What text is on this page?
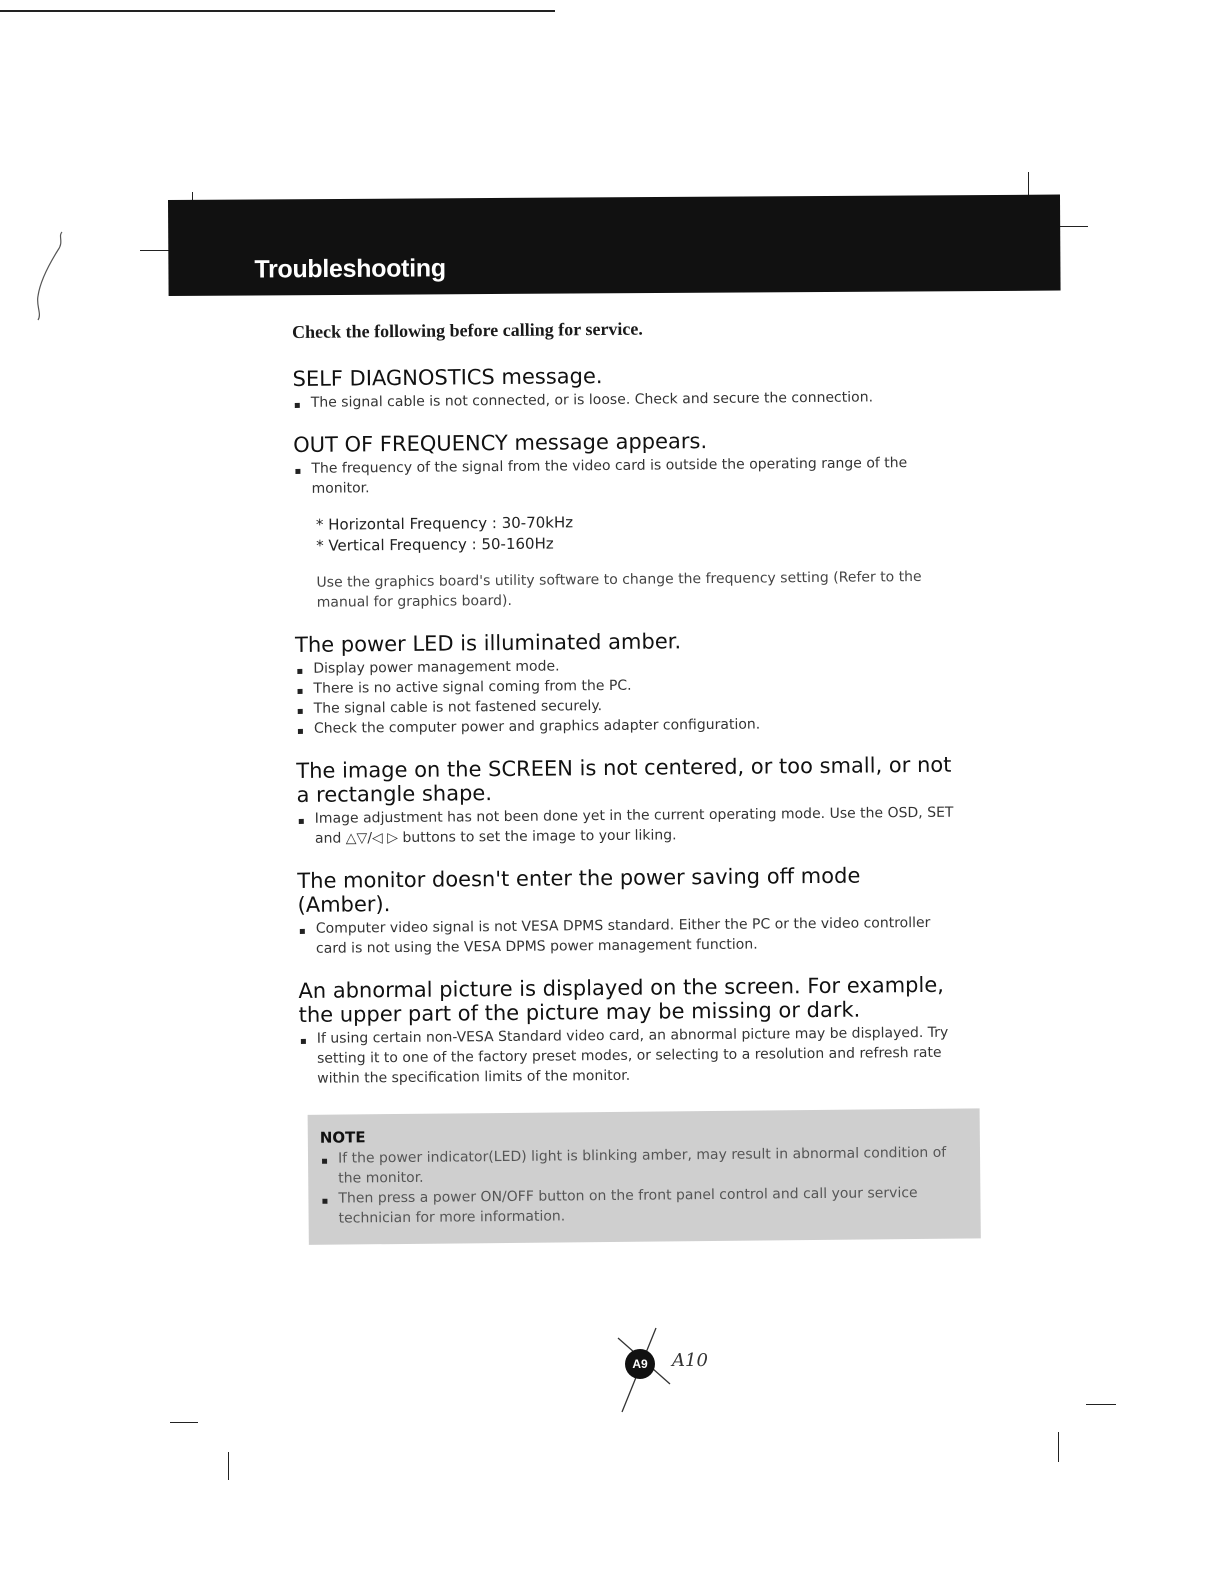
Troubleshooting
Check the following before calling for service.
SELF DIAGNOSTICS message.
The signal cable is not connected, or is loose. Check and secure the connection.
OUT OF FREQUENCY message appears.
The frequency of the signal from the video card is outside the operating range of the monitor.
* Horizontal Frequency : 30-70kHz
* Vertical Frequency : 50-160Hz
Use the graphics board's utility software to change the frequency setting (Refer to the manual for graphics board).
The power LED is illuminated amber.
Display power management mode.
There is no active signal coming from the PC.
The signal cable is not fastened securely.
Check the computer power and graphics adapter configuration.
The image on the SCREEN is not centered, or too small, or not a rectangle shape.
Image adjustment has not been done yet in the current operating mode. Use the OSD, SET and △▽/◁ ▷ buttons to set the image to your liking.
The monitor doesn't enter the power saving off mode (Amber).
Computer video signal is not VESA DPMS standard. Either the PC or the video controller card is not using the VESA DPMS power management function.
An abnormal picture is displayed on the screen. For example, the upper part of the picture may be missing or dark.
If using certain non-VESA Standard video card, an abnormal picture may be displayed. Try setting it to one of the factory preset modes, or selecting to a resolution and refresh rate within the specification limits of the monitor.
NOTE
If the power indicator(LED) light is blinking amber, may result in abnormal condition of the monitor.
Then press a power ON/OFF button on the front panel control and call your service technician for more information.
A9	A10
